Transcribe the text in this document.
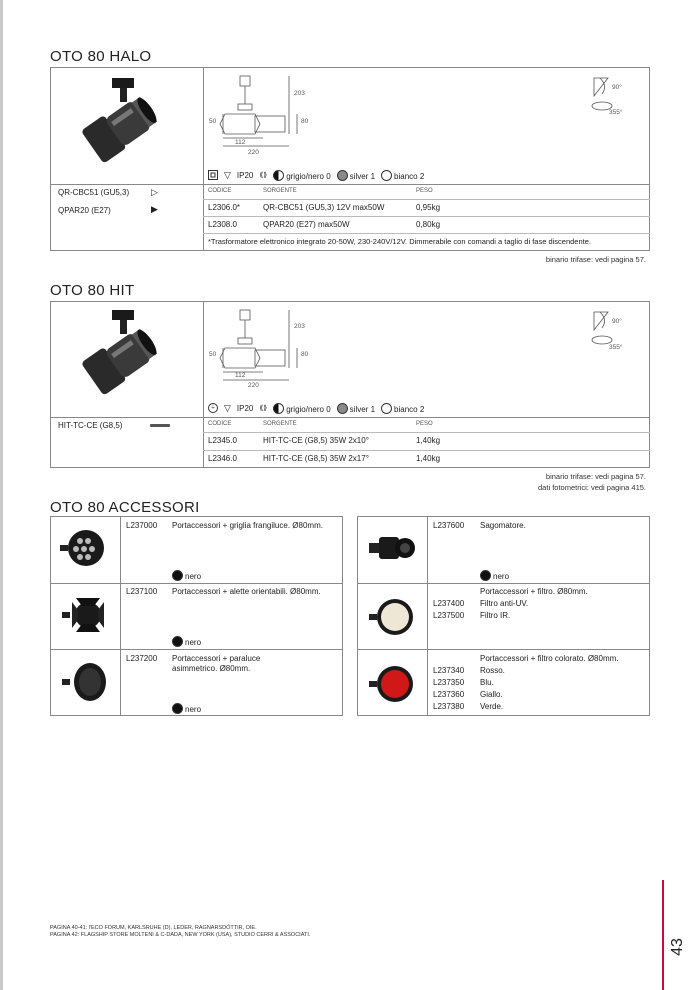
OTO 80 HALO
203
50	80
112
220
90°
355°
▽ IP20 ⟪⟫	grigio/nero 0	silver 1	bianco 2
QR-CBC51 (GU5,3)
QPAR20 (E27)
▷
▶
CODICE	SORGENTE	PESO
L2306.0*	QR-CBC51 (GU5,3) 12V max50W	0,95kg
L2308.0	QPAR20 (E27) max50W	0,80kg
*Trasformatore elettronico integrato 20-50W, 230-240V/12V. Dimmerabile con comandi a taglio di fase discendente.
binario trifase: vedi pagina 57.
OTO 80 HIT
203
50	80
112
220
90°
355°
⏚ ▽ IP20 ⟪⟫	grigio/nero 0	silver 1	bianco 2
HIT-TC-CE (G8,5)	CODICE	SORGENTE	PESO
L2345.0	HIT-TC-CE (G8,5) 35W 2x10°	1,40kg
L2346.0	HIT-TC-CE (G8,5) 35W 2x17°	1,40kg
binario trifase: vedi pagina 57.
dati fotometrici: vedi pagina 415.
OTO 80 ACCESSORI
L237000 Portaccessori + griglia frangiluce. Ø80mm.
nero
L237100 Portaccessori + alette orientabili. Ø80mm.
nero
L237200 Portaccessori + paraluce
asimmetrico. Ø80mm.
nero
L237600 Sagomatore.
nero
Portaccessori + filtro. Ø80mm.
L237400 Filtro anti-UV.
L237500 Filtro IR.
Portaccessori + filtro colorato. Ø80mm.
L237340 Rosso.
L237350 Blu.
L237360 Giallo.
L237380 Verde.
PAGINA 40-41: l'ECO FORUM, KARLSRUHE (D), LEDER, RAGNARSDÓTTIR, OIE.
PAGINA 42: FLAGSHIP STORE MOLTENI & C-DADA, NEW YORK (USA), STUDIO CERRI & ASSOCIATI.
43
